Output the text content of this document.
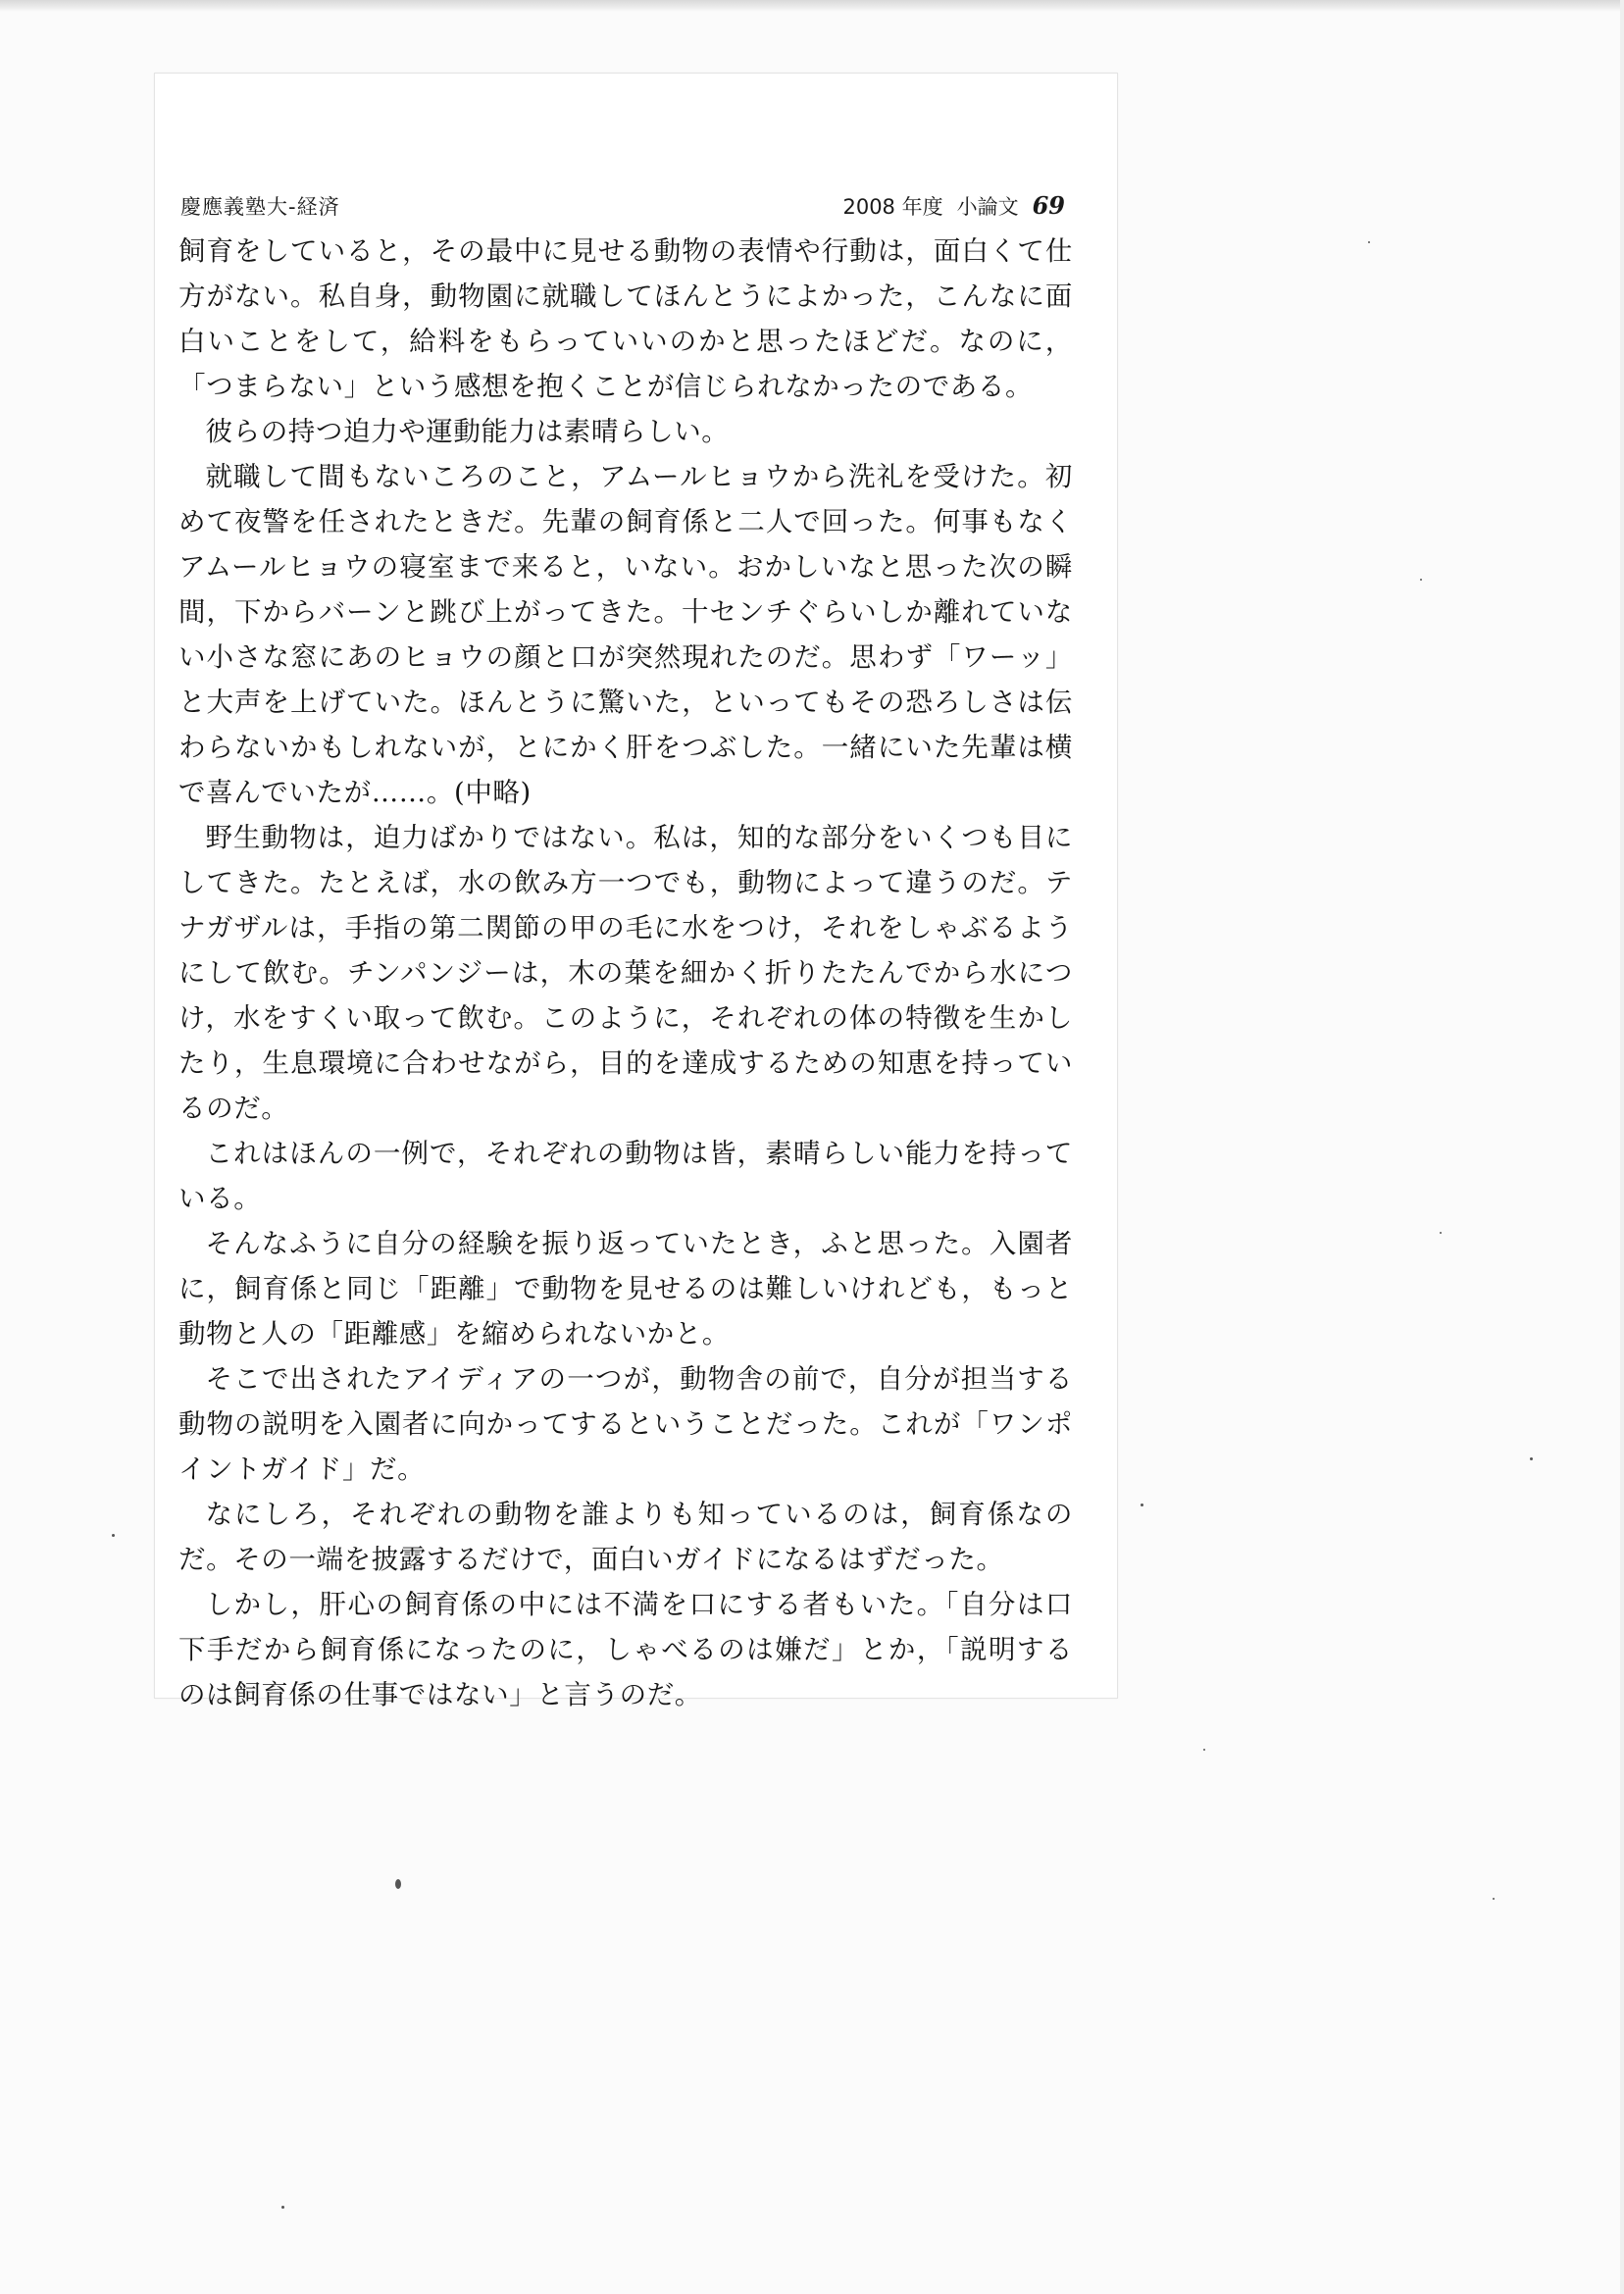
慶應義塾大-経済	2008 年度 小論文 69

飼育をしていると，その最中に見せる動物の表情や行動は，面白くて仕方がない。私自身，動物園に就職してほんとうによかった，こんなに面白いことをして，給料をもらっていいのかと思ったほどだ。なのに，「つまらない」という感想を抱くことが信じられなかったのである。

彼らの持つ迫力や運動能力は素晴らしい。

就職して間もないころのこと，アムールヒョウから洗礼を受けた。初めて夜警を任されたときだ。先輩の飼育係と二人で回った。何事もなくアムールヒョウの寝室まで来ると，いない。おかしいなと思った次の瞬間，下からバーンと跳び上がってきた。十センチぐらいしか離れていない小さな窓にあのヒョウの顔と口が突然現れたのだ。思わず「ワーッ」と大声を上げていた。ほんとうに驚いた，といってもその恐ろしさは伝わらないかもしれないが，とにかく肝をつぶした。一緒にいた先輩は横で喜んでいたが……。(中略)

野生動物は，迫力ばかりではない。私は，知的な部分をいくつも目にしてきた。たとえば，水の飲み方一つでも，動物によって違うのだ。テナガザルは，手指の第二関節の甲の毛に水をつけ，それをしゃぶるようにして飲む。チンパンジーは，木の葉を細かく折りたたんでから水につけ，水をすくい取って飲む。このように，それぞれの体の特徴を生かしたり，生息環境に合わせながら，目的を達成するための知恵を持っているのだ。

これはほんの一例で，それぞれの動物は皆，素晴らしい能力を持っている。

そんなふうに自分の経験を振り返っていたとき，ふと思った。入園者に，飼育係と同じ「距離」で動物を見せるのは難しいけれども，もっと動物と人の「距離感」を縮められないかと。

そこで出されたアイディアの一つが，動物舎の前で，自分が担当する動物の説明を入園者に向かってするということだった。これが「ワンポイントガイド」だ。

なにしろ，それぞれの動物を誰よりも知っているのは，飼育係なのだ。その一端を披露するだけで，面白いガイドになるはずだった。

しかし，肝心の飼育係の中には不満を口にする者もいた。「自分は口下手だから飼育係になったのに，しゃべるのは嫌だ」とか，「説明するのは飼育係の仕事ではない」と言うのだ。
